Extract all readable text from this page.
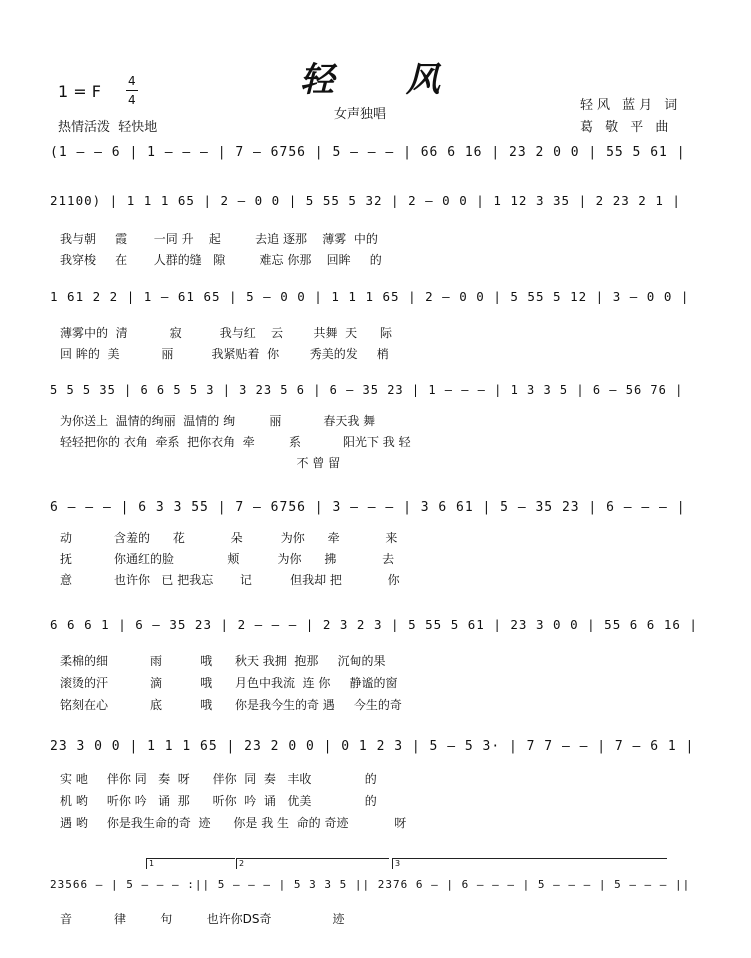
轻 风
女声独唱
1 = F
4
4
热情活泼  轻快地
轻风 蓝月 词
葛 敬 平 曲
(1 — — 6 | 1 — — — | 7 — 6756 | 5 — — — | 66 6 16 | 23 2 0 0 | 55 5 61 |
21100) | 1 1 1 65 | 2 — 0 0 | 5 55 5 32 | 2 — 0 0 | 1 12 3 35 | 2 23 2 1 |
我与朝     霞       一同 升    起         去追 逐那    薄雾  中的
我穿梭     在       人群的缝   隙         难忘 你那    回眸     的
1 61 2 2 | 1 — 61 65 | 5 — 0 0 | 1 1 1 65 | 2 — 0 0 | 5 55 5 12 | 3 — 0 0 |
薄雾中的  清           寂          我与红    云        共舞  天      际
回 眸的  美           丽          我紧贴着  你        秀美的发     梢
5 5 5 35 | 6 6 5 5 3 | 3 23 5 6 | 6 — 35 23 | 1 — — — | 1 3 3 5 | 6 — 56 76 |
为你送上  温情的绚丽  温情的 绚         丽           春天我 舞
轻轻把你的 衣角  牵系  把你衣角  牵         系           阳光下 我 轻
不 曾 留
6 — — — | 6 3 3 55 | 7 — 6756 | 3 — — — | 3 6 61 | 5 — 35 23 | 6 — — — |
动           含羞的      花            朵          为你      牵            来
抚           你通红的脸              颊          为你      拂            去
意           也许你   已 把我忘       记          但我却 把            你
6 6 6 1 | 6 — 35 23 | 2 — — — | 2 3 2 3 | 5 55 5 61 | 23 3 0 0 | 55 6 6 16 |
柔棉的细           雨          哦      秋天 我拥  抱那     沉甸的果
滚烫的汗           滴          哦      月色中我流  连 你     静谧的窗
铭刻在心           底          哦      你是我今生的奇 遇     今生的奇
23 3 0 0 | 1 1 1 65 | 23 2 0 0 | 0 1 2 3 | 5 — 5 3· | 7 7 — — | 7 — 6 1 |
实 吔     伴你 同   奏  呀      伴你  同  奏   丰收              的
机 哟     听你 吟   诵  那      听你  吟  诵   优美              的
遇 哟     你是我生命的奇  迹      你是 我 生  命的 奇迹            呀
1	2	3
23566 — | 5 — — — :|| 5 — — — | 5 3 3 5 || 2376 6 — | 6 — — — | 5 — — — | 5 — — — ||
音           律         句         也许你DS奇                迹
